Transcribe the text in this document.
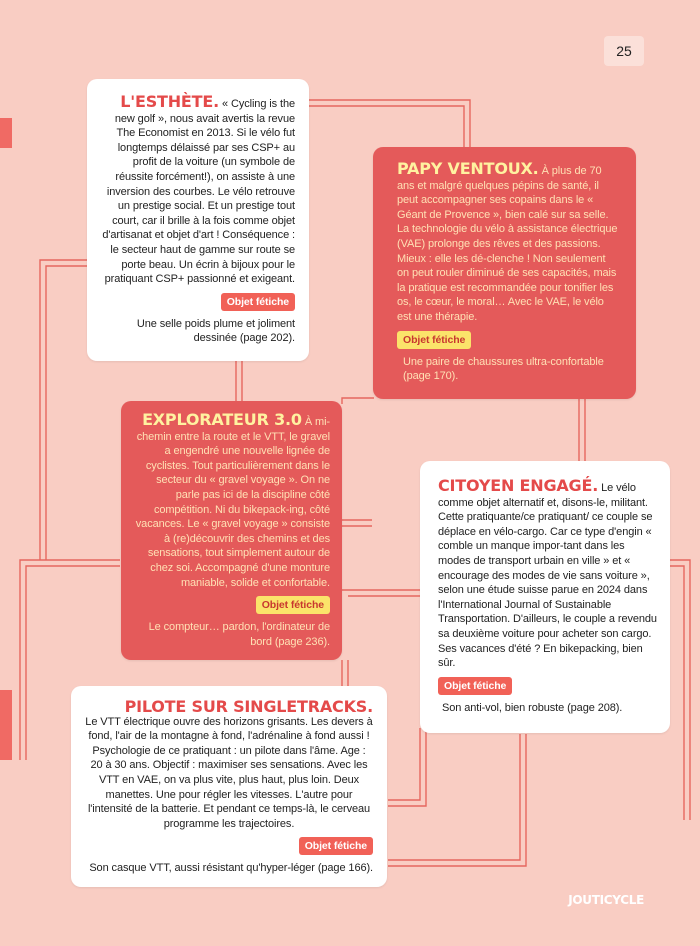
25

L'ESTHÈTE. « Cycling is the new golf », nous avait avertis la revue The Economist en 2013. Si le vélo fut longtemps délaissé par ses CSP+ au profit de la voiture (un symbole de réussite forcément!), on assiste à une inversion des courbes. Le vélo retrouve un prestige social. Et un prestige tout court, car il brille à la fois comme objet d'artisanat et objet d'art ! Conséquence : le secteur haut de gamme sur route se porte beau. Un écrin à bijoux pour le pratiquant CSP+ passionné et exigeant.

Objet fétiche

Une selle poids plume et joliment dessinée (page 202).

PAPY VENTOUX. À plus de 70 ans et malgré quelques pépins de santé, il peut accompagner ses copains dans le « Géant de Provence », bien calé sur sa selle. La technologie du vélo à assistance électrique (VAE) prolonge des rêves et des passions. Mieux : elle les dé-clenche ! Non seulement on peut rouler diminué de ses capacités, mais la pratique est recommandée pour tonifier les os, le cœur, le moral… Avec le VAE, le vélo est une thérapie.

Objet fétiche

Une paire de chaussures ultra-confortable (page 170).

EXPLORATEUR 3.0 À mi-chemin entre la route et le VTT, le gravel a engendré une nouvelle lignée de cyclistes. Tout particulièrement dans le secteur du « gravel voyage ». On ne parle pas ici de la discipline côté compétition. Ni du bikepack-ing, côté vacances. Le « gravel voyage » consiste à (re)découvrir des chemins et des sensations, tout simplement autour de chez soi. Accompagné d'une monture maniable, solide et confortable.

Objet fétiche

Le compteur… pardon, l'ordinateur de bord (page 236).

CITOYEN ENGAGÉ. Le vélo comme objet alternatif et, disons-le, militant. Cette pratiquante/ce pratiquant/ ce couple se déplace en vélo-cargo. Car ce type d'engin « comble un manque impor-tant dans les modes de transport urbain en ville » et « encourage des modes de vie sans voiture », selon une étude suisse parue en 2024 dans l'International Journal of Sustainable Transportation. D'ailleurs, le couple a revendu sa deuxième voiture pour acheter son cargo. Ses vacances d'été ? En bikepacking, bien sûr.

Objet fétiche

Son anti-vol, bien robuste (page 208).

PILOTE SUR SINGLETRACKS.

Le VTT électrique ouvre des horizons grisants. Les devers à fond, l'air de la montagne à fond, l'adrénaline à fond aussi ! Psychologie de ce pratiquant : un pilote dans l'âme. Age : 20 à 30 ans. Objectif : maximiser ses sensations. Avec les VTT en VAE, on va plus vite, plus haut, plus loin. Deux manettes. Une pour régler les vitesses. L'autre pour l'intensité de la batterie. Et pendant ce temps-là, le cerveau programme les trajectoires.

Objet fétiche

Son casque VTT, aussi résistant qu'hyper-léger (page 166).

JOUTICYCLE
